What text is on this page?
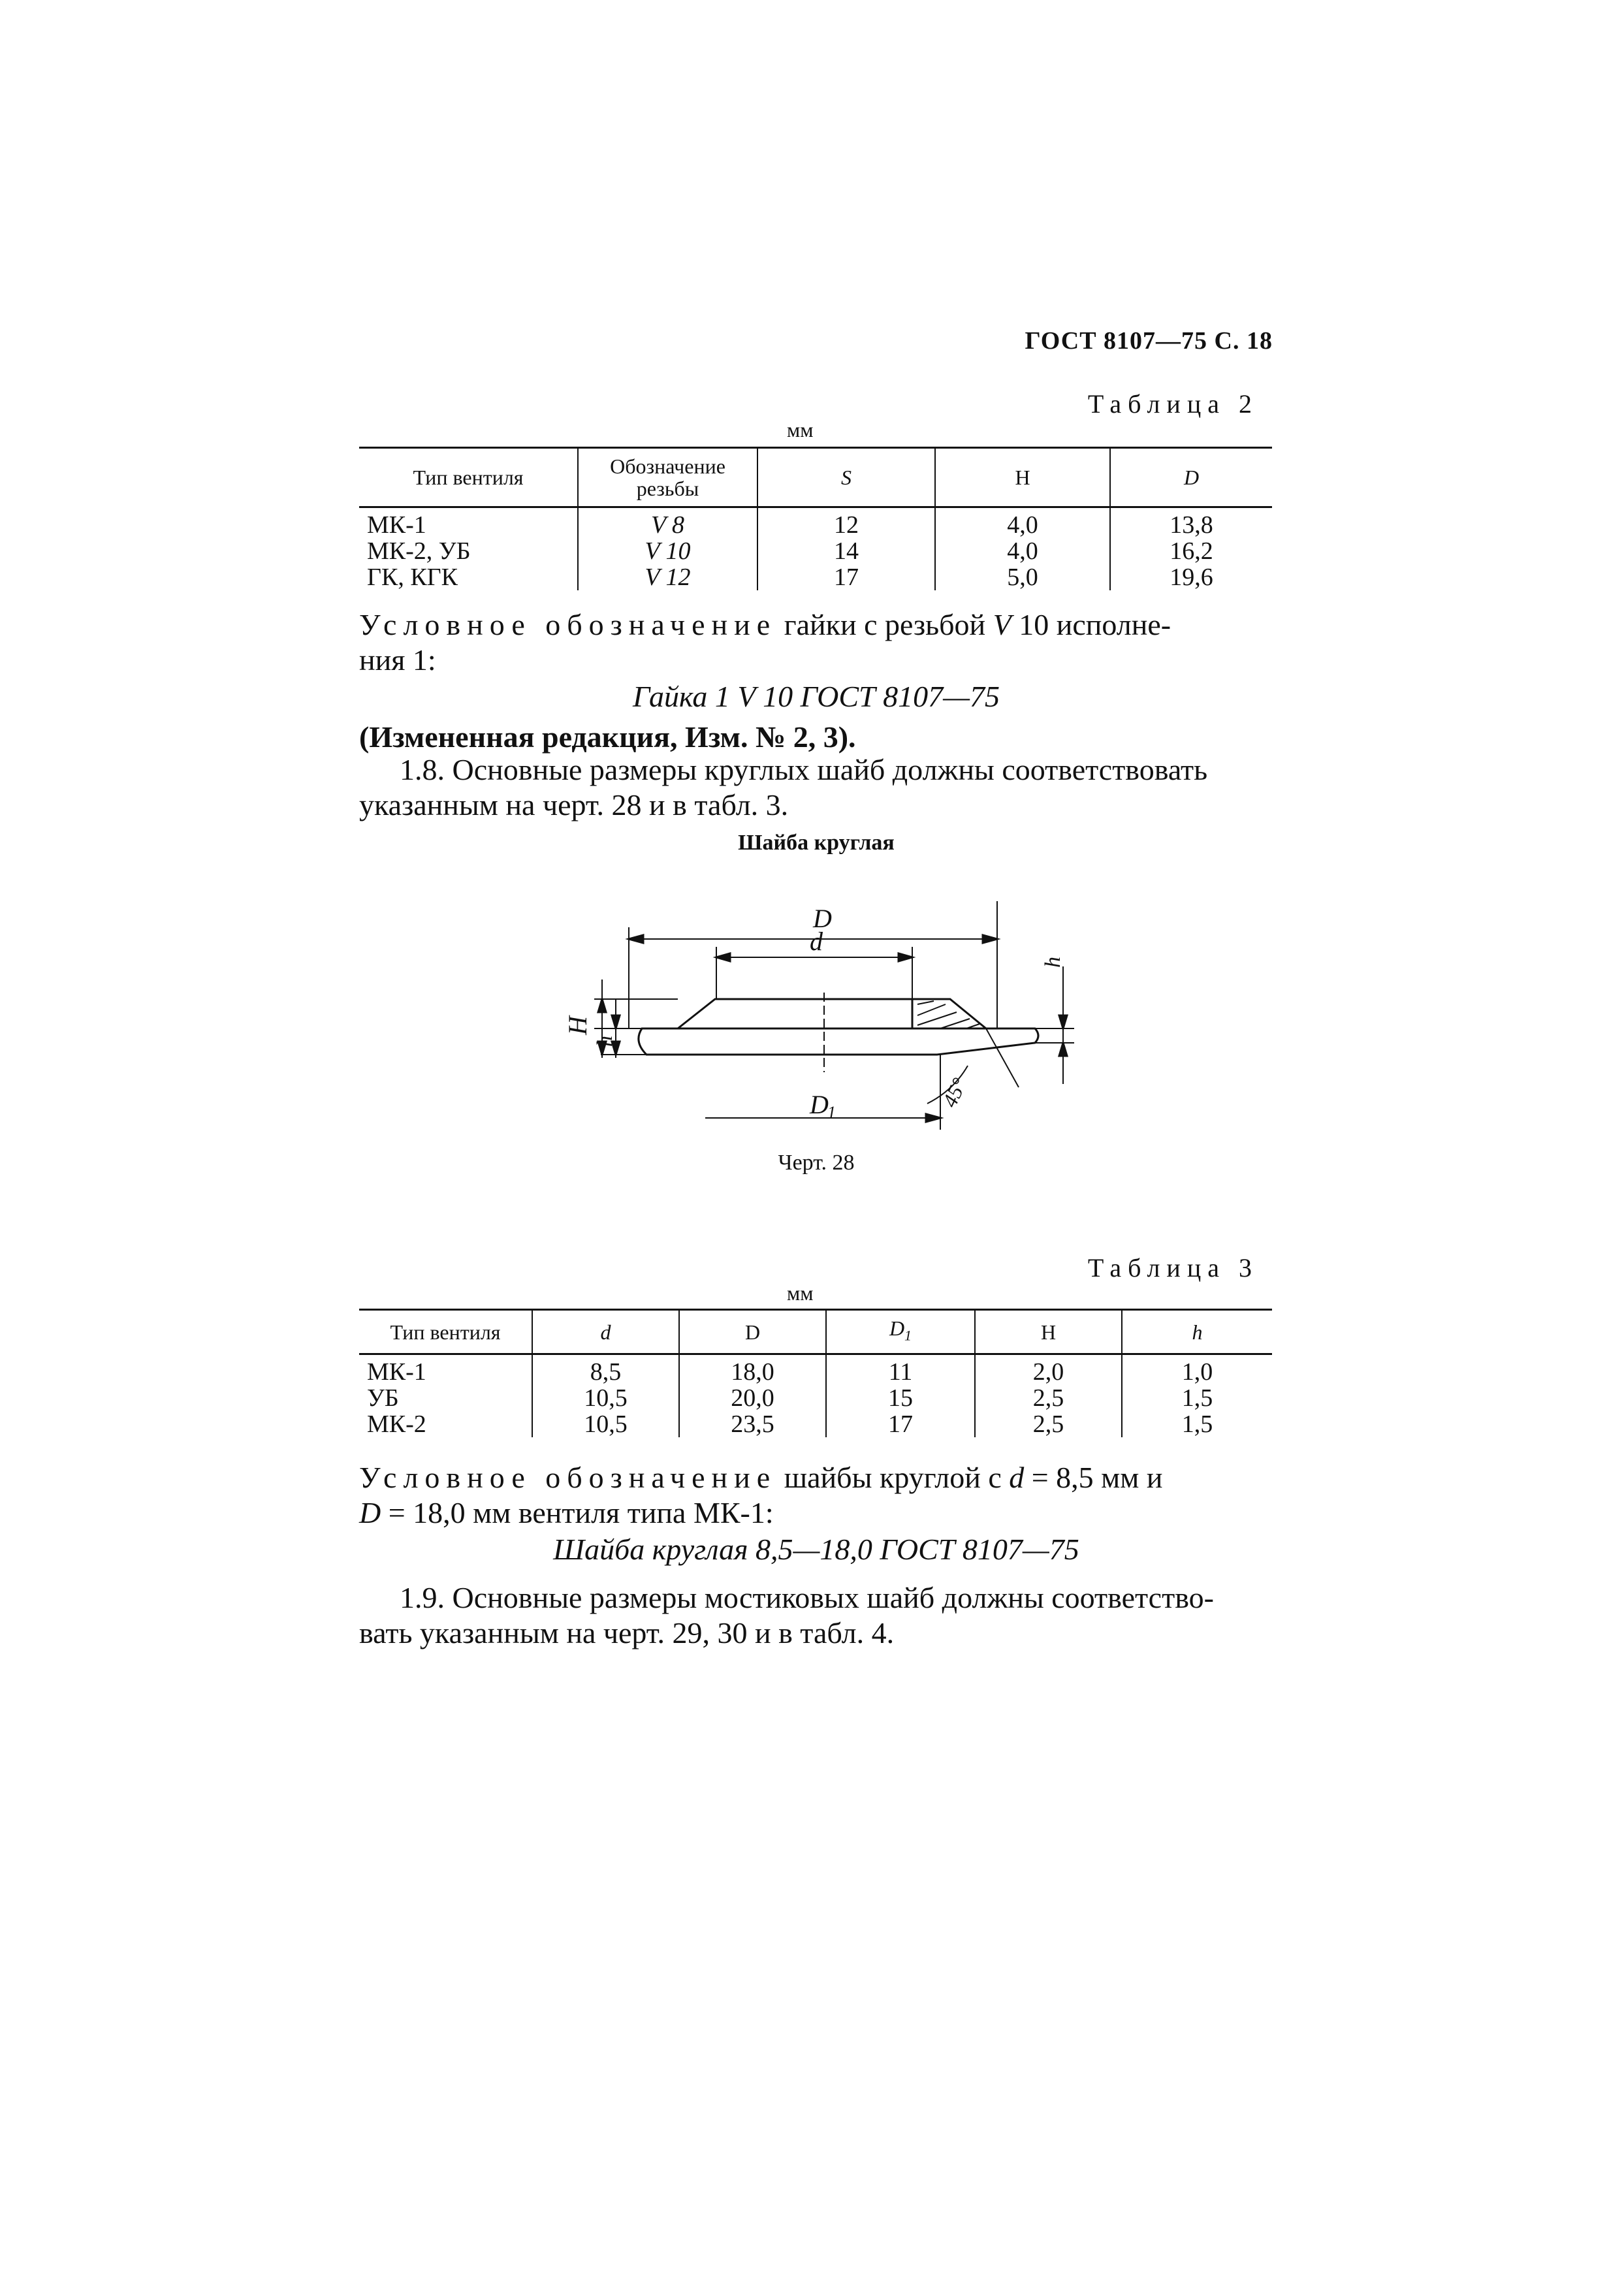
ГОСТ 8107—75 С. 18
Таблица 2
мм
Тип вентиля	Обозначение резьбы	S	H	D
МК-1	V 8	12	4,0	13,8
МК-2, УБ	V 10	14	4,0	16,2
ГК, КГК	V 12	17	5,0	19,6
Условное обозначение гайки с резьбой V 10 исполне-
ния 1:
Гайка 1 V 10 ГОСТ 8107—75
(Измененная редакция, Изм. № 2, 3).
1.8. Основные размеры круглых шайб должны соответствовать
указанным на черт. 28 и в табл. 3.
Шайба круглая
D
d
D
1
H
h
h
45°
Черт. 28
Таблица 3
мм
Тип вентиля	d	D	$D_1$	H	h
МК-1	8,5	18,0	11	2,0	1,0
УБ	10,5	20,0	15	2,5	1,5
МК-2	10,5	23,5	17	2,5	1,5
Условное обозначение шайбы круглой с d = 8,5 мм и
D = 18,0 мм вентиля типа МК-1:
Шайба круглая 8,5—18,0 ГОСТ 8107—75
1.9. Основные размеры мостиковых шайб должны соответство-
вать указанным на черт. 29, 30 и в табл. 4.
